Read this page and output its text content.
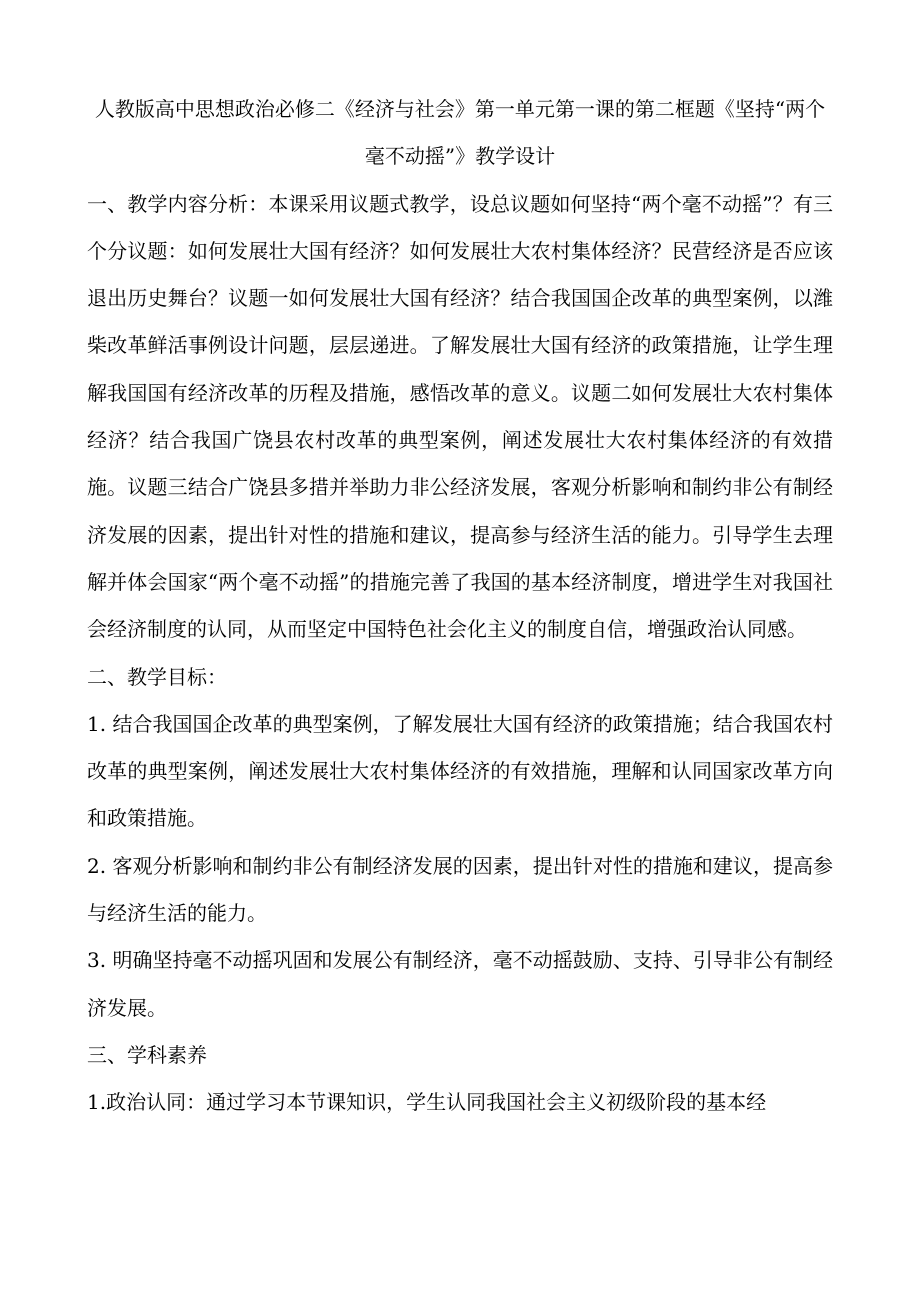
人教版高中思想政治必修二《经济与社会》第一单元第一课的第二框题《坚持“两个毫不动摇”》教学设计

一、教学内容分析：本课采用议题式教学，设总议题如何坚持“两个毫不动摇”？有三个分议题：如何发展壮大国有经济？如何发展壮大农村集体经济？民营经济是否应该退出历史舞台？议题一如何发展壮大国有经济？结合我国国企改革的典型案例，以潍柴改革鲜活事例设计问题，层层递进。了解发展壮大国有经济的政策措施，让学生理解我国国有经济改革的历程及措施，感悟改革的意义。议题二如何发展壮大农村集体经济？结合我国广饶县农村改革的典型案例，阐述发展壮大农村集体经济的有效措施。议题三结合广饶县多措并举助力非公经济发展，客观分析影响和制约非公有制经济发展的因素，提出针对性的措施和建议，提高参与经济生活的能力。引导学生去理解并体会国家“两个毫不动摇”的措施完善了我国的基本经济制度，增进学生对我国社会经济制度的认同，从而坚定中国特色社会化主义的制度自信，增强政治认同感。

二、教学目标：

1. 结合我国国企改革的典型案例，了解发展壮大国有经济的政策措施；结合我国农村改革的典型案例，阐述发展壮大农村集体经济的有效措施，理解和认同国家改革方向和政策措施。

2. 客观分析影响和制约非公有制经济发展的因素，提出针对性的措施和建议，提高参与经济生活的能力。

3. 明确坚持毫不动摇巩固和发展公有制经济，毫不动摇鼓励、支持、引导非公有制经济发展。

三、学科素养

1.政治认同：通过学习本节课知识，学生认同我国社会主义初级阶段的基本经
